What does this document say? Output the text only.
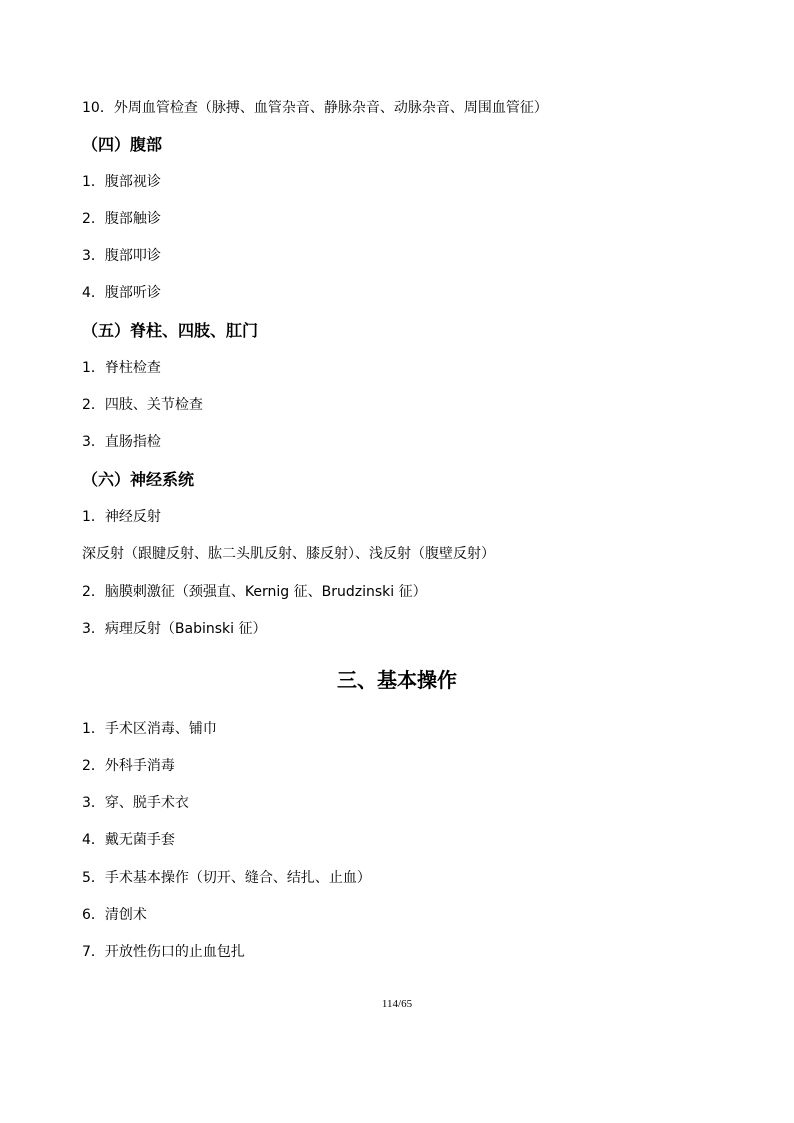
10．外周血管检查（脉搏、血管杂音、静脉杂音、动脉杂音、周围血管征）
（四）腹部
1．腹部视诊
2．腹部触诊
3．腹部叩诊
4．腹部听诊
（五）脊柱、四肢、肛门
1．脊柱检查
2．四肢、关节检查
3．直肠指检
（六）神经系统
1．神经反射
深反射（跟腱反射、肱二头肌反射、膝反射）、浅反射（腹壁反射）
2．脑膜刺激征（颈强直、Kernig 征、Brudzinski 征）
3．病理反射（Babinski 征）
三、基本操作
1．手术区消毒、铺巾
2．外科手消毒
3．穿、脱手术衣
4．戴无菌手套
5．手术基本操作（切开、缝合、结扎、止血）
6．清创术
7．开放性伤口的止血包扎
114/65
